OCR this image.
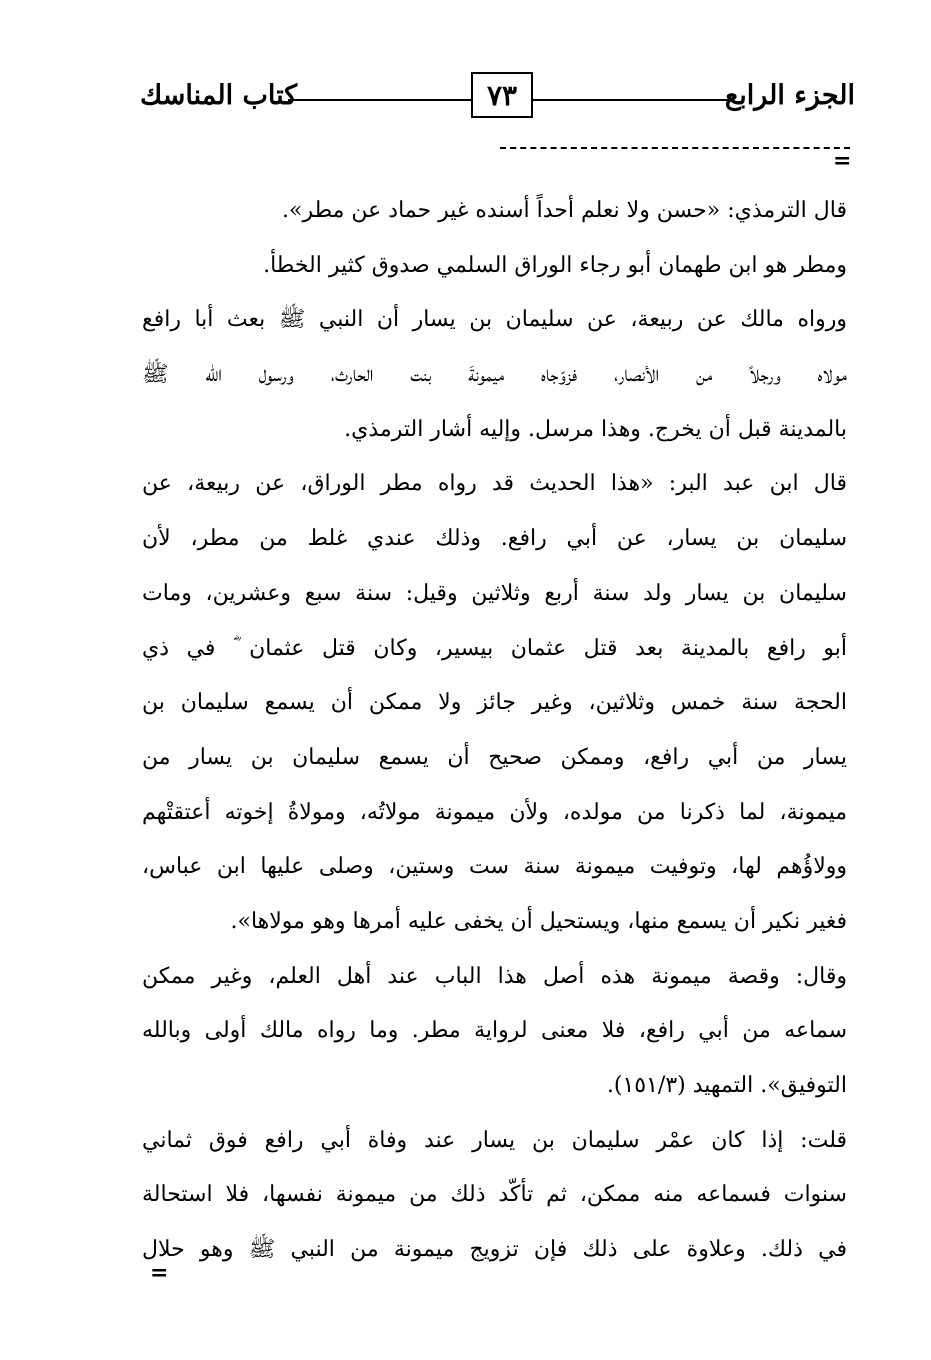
الجزء الرابع
٧٣
كتاب المناسك
=
قال الترمذي: «حسن ولا نعلم أحداً أسنده غير حماد عن مطر».
ومطر هو ابن طهمان أبو رجاء الوراق السلمي صدوق كثير الخطأ.
ورواه مالك عن ربيعة، عن سليمان بن يسار أن النبي ﷺ بعث أبا رافع
مولاه ورجلاً من الأنصار، فزوّجاه ميمونةَ بنت الحارث، ورسول الله ﷺ
بالمدينة قبل أن يخرج. وهذا مرسل. وإليه أشار الترمذي.
قال ابن عبد البر: «هذا الحديث قد رواه مطر الوراق، عن ربيعة، عن
سليمان بن يسار، عن أبي رافع. وذلك عندي غلط من مطر، لأن
سليمان بن يسار ولد سنة أربع وثلاثين وقيل: سنة سبع وعشرين، ومات
أبو رافع بالمدينة بعد قتل عثمان بيسير، وكان قتل عثمان ؓ في ذي
الحجة سنة خمس وثلاثين، وغير جائز ولا ممكن أن يسمع سليمان بن
يسار من أبي رافع، وممكن صحيح أن يسمع سليمان بن يسار من
ميمونة، لما ذكرنا من مولده، ولأن ميمونة مولاتُه، ومولاةُ إخوته أعتقتْهم
وولاؤُهم لها، وتوفيت ميمونة سنة ست وستين، وصلى عليها ابن عباس،
فغير نكير أن يسمع منها، ويستحيل أن يخفى عليه أمرها وهو مولاها».
وقال: وقصة ميمونة هذه أصل هذا الباب عند أهل العلم، وغير ممكن
سماعه من أبي رافع، فلا معنى لرواية مطر. وما رواه مالك أولى وبالله
التوفيق». التمهيد (١٥١/٣).
قلت: إذا كان عمْر سليمان بن يسار عند وفاة أبي رافع فوق ثماني
سنوات فسماعه منه ممكن، ثم تأكّد ذلك من ميمونة نفسها، فلا استحالة
في ذلك. وعلاوة على ذلك فإن تزويج ميمونة من النبي ﷺ وهو حلال
=
